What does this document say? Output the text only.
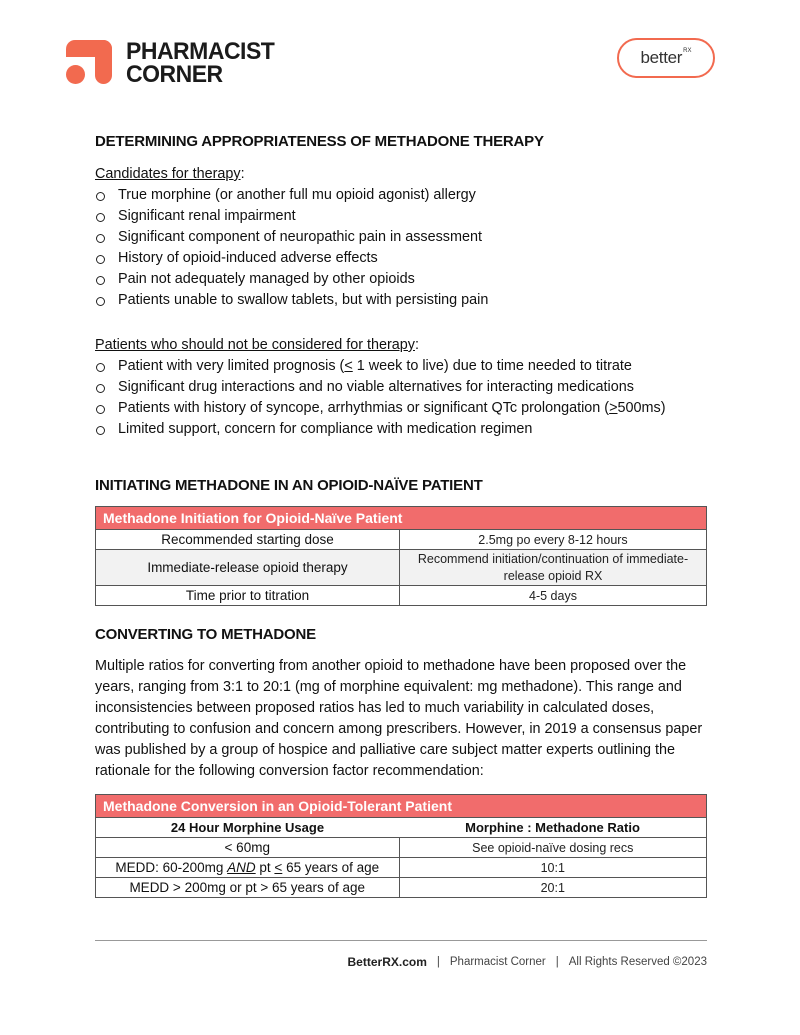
PHARMACIST
CORNER
better RX
DETERMINING APPROPRIATENESS OF METHADONE THERAPY
Candidates for therapy:
True morphine (or another full mu opioid agonist) allergy
Significant renal impairment
Significant component of neuropathic pain in assessment
History of opioid-induced adverse effects
Pain not adequately managed by other opioids
Patients unable to swallow tablets, but with persisting pain
Patients who should not be considered for therapy:
Patient with very limited prognosis (< 1 week to live) due to time needed to titrate
Significant drug interactions and no viable alternatives for interacting medications
Patients with history of syncope, arrhythmias or significant QTc prolongation (>500ms)
Limited support, concern for compliance with medication regimen
INITIATING METHADONE IN AN OPIOID-NAÏVE PATIENT
Methadone Initiation for Opioid-Naïve Patient	
Recommended starting dose	2.5mg po every 8-12 hours
Immediate-release opioid therapy	Recommend initiation/continuation of immediate-release opioid RX
Time prior to titration	4-5 days
CONVERTING TO METHADONE

Multiple ratios for converting from another opioid to methadone have been proposed over the years, ranging from 3:1 to 20:1 (mg of morphine equivalent: mg methadone). This range and inconsistencies between proposed ratios has led to much variability in calculated doses, contributing to confusion and concern among prescribers. However, in 2019 a consensus paper was published by a group of hospice and palliative care subject matter experts outlining the rationale for the following conversion factor recommendation:

Methadone Conversion in an Opioid-Tolerant Patient	
24 Hour Morphine Usage	Morphine : Methadone Ratio
< 60mg	See opioid-naïve dosing recs
MEDD: 60-200mg AND pt < 65 years of age	10:1
MEDD > 200mg or pt > 65 years of age	20:1
BetterRX.com | Pharmacist Corner | All Rights Reserved ©2023
